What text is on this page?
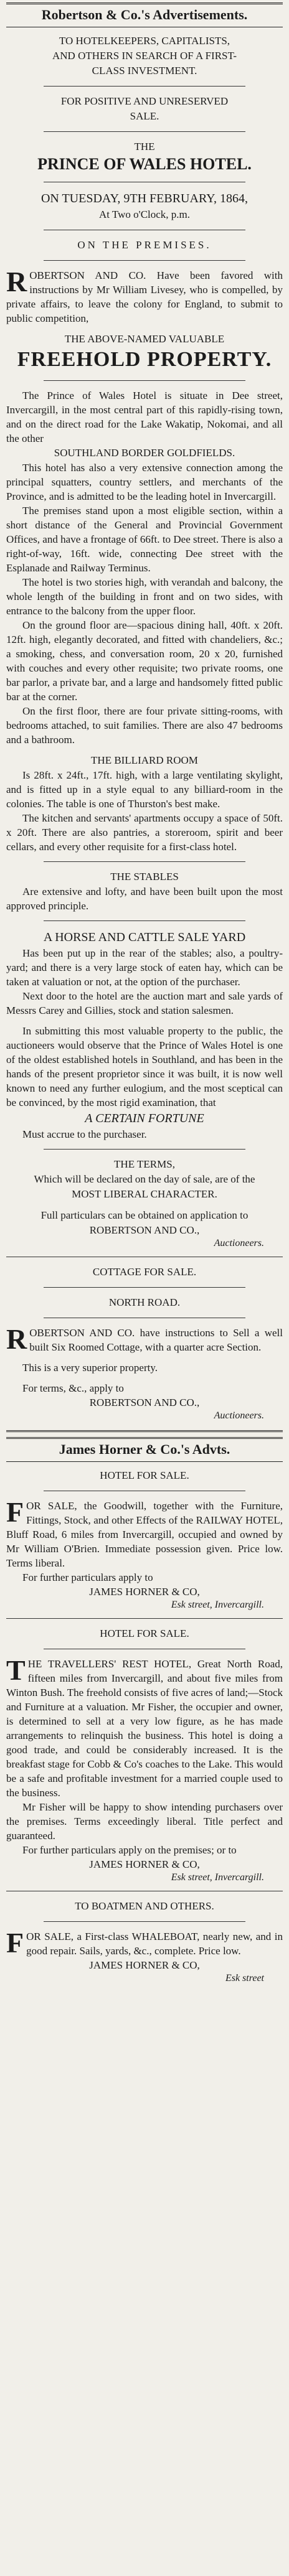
Robertson & Co.'s Advertisements.
TO HOTELKEEPERS, CAPITALISTS,
AND OTHERS IN SEARCH OF A FIRST-
CLASS INVESTMENT.
FOR POSITIVE AND UNRESERVED
SALE.
THE
PRINCE OF WALES HOTEL.
ON TUESDAY, 9TH FEBRUARY, 1864,
At Two o'Clock, p.m.
ON THE PREMISES.

ROBERTSON AND CO. Have been favored with instructions by Mr William Livesey, who is compelled, by private affairs, to leave the colony for England, to submit to public competition,

THE ABOVE-NAMED VALUABLE
FREEHOLD PROPERTY.

The Prince of Wales Hotel is situate in Dee street, Invercargill, in the most central part of this rapidly-rising town, and on the direct road for the Lake Wakatip, Nokomai, and all the other

SOUTHLAND BORDER GOLDFIELDS.

This hotel has also a very extensive connection among the principal squatters, country settlers, and merchants of the Province, and is admitted to be the leading hotel in Invercargill.

The premises stand upon a most eligible section, within a short distance of the General and Provincial Government Offices, and have a frontage of 66ft. to Dee street. There is also a right-of-way, 16ft. wide, connecting Dee street with the Esplanade and Railway Terminus.

The hotel is two stories high, with verandah and balcony, the whole length of the building in front and on two sides, with entrance to the balcony from the upper floor.

On the ground floor are—spacious dining hall, 40ft. x 20ft. 12ft. high, elegantly decorated, and fitted with chandeliers, &c.; a smoking, chess, and conversation room, 20 x 20, furnished with couches and every other requisite; two private rooms, one bar parlor, a private bar, and a large and handsomely fitted public bar at the corner.

On the first floor, there are four private sitting-rooms, with bedrooms attached, to suit families. There are also 47 bedrooms and a bathroom.

THE BILLIARD ROOM

Is 28ft. x 24ft., 17ft. high, with a large ventilating skylight, and is fitted up in a style equal to any billiard-room in the colonies. The table is one of Thurston's best make.

The kitchen and servants' apartments occupy a space of 50ft. x 20ft. There are also pantries, a storeroom, spirit and beer cellars, and every other requisite for a first-class hotel.

THE STABLES

Are extensive and lofty, and have been built upon the most approved principle.

A HORSE AND CATTLE SALE YARD

Has been put up in the rear of the stables; also, a poultry-yard; and there is a very large stock of eaten hay, which can be taken at valuation or not, at the option of the purchaser.

Next door to the hotel are the auction mart and sale yards of Messrs Carey and Gillies, stock and station salesmen.

In submitting this most valuable property to the public, the auctioneers would observe that the Prince of Wales Hotel is one of the oldest established hotels in Southland, and has been in the hands of the present proprietor since it was built, it is now well known to need any further eulogium, and the most sceptical can be convinced, by the most rigid examination, that

A CERTAIN FORTUNE

Must accrue to the purchaser.

THE TERMS,
Which will be declared on the day of sale, are of the
MOST LIBERAL CHARACTER.
Full particulars can be obtained on application to
ROBERTSON AND CO.,
Auctioneers.
COTTAGE FOR SALE.
NORTH ROAD.

ROBERTSON AND CO. have instructions to Sell a well built Six Roomed Cottage, with a quarter acre Section.

This is a very superior property.

For terms, &c., apply to

ROBERTSON AND CO.,
Auctioneers.
James Horner & Co.'s Advts.
HOTEL FOR SALE.

FOR SALE, the Goodwill, together with the Furniture, Fittings, Stock, and other Effects of the RAILWAY HOTEL, Bluff Road, 6 miles from Invercargill, occupied and owned by Mr William O'Brien. Immediate possession given. Price low. Terms liberal.

For further particulars apply to

JAMES HORNER & CO,
Esk street, Invercargill.
HOTEL FOR SALE.

THE TRAVELLERS' REST HOTEL, Great North Road, fifteen miles from Invercargill, and about five miles from Winton Bush. The freehold consists of five acres of land;—Stock and Furniture at a valuation. Mr Fisher, the occupier and owner, is determined to sell at a very low figure, as he has made arrangements to relinquish the business. This hotel is doing a good trade, and could be considerably increased. It is the breakfast stage for Cobb & Co's coaches to the Lake. This would be a safe and profitable investment for a married couple used to the business.

Mr Fisher will be happy to show intending purchasers over the premises. Terms exceedingly liberal. Title perfect and guaranteed.

For further particulars apply on the premises; or to

JAMES HORNER & CO,
Esk street, Invercargill.
TO BOATMEN AND OTHERS.

FOR SALE, a First-class WHALEBOAT, nearly new, and in good repair. Sails, yards, &c., complete. Price low.

JAMES HORNER & CO,
Esk street
